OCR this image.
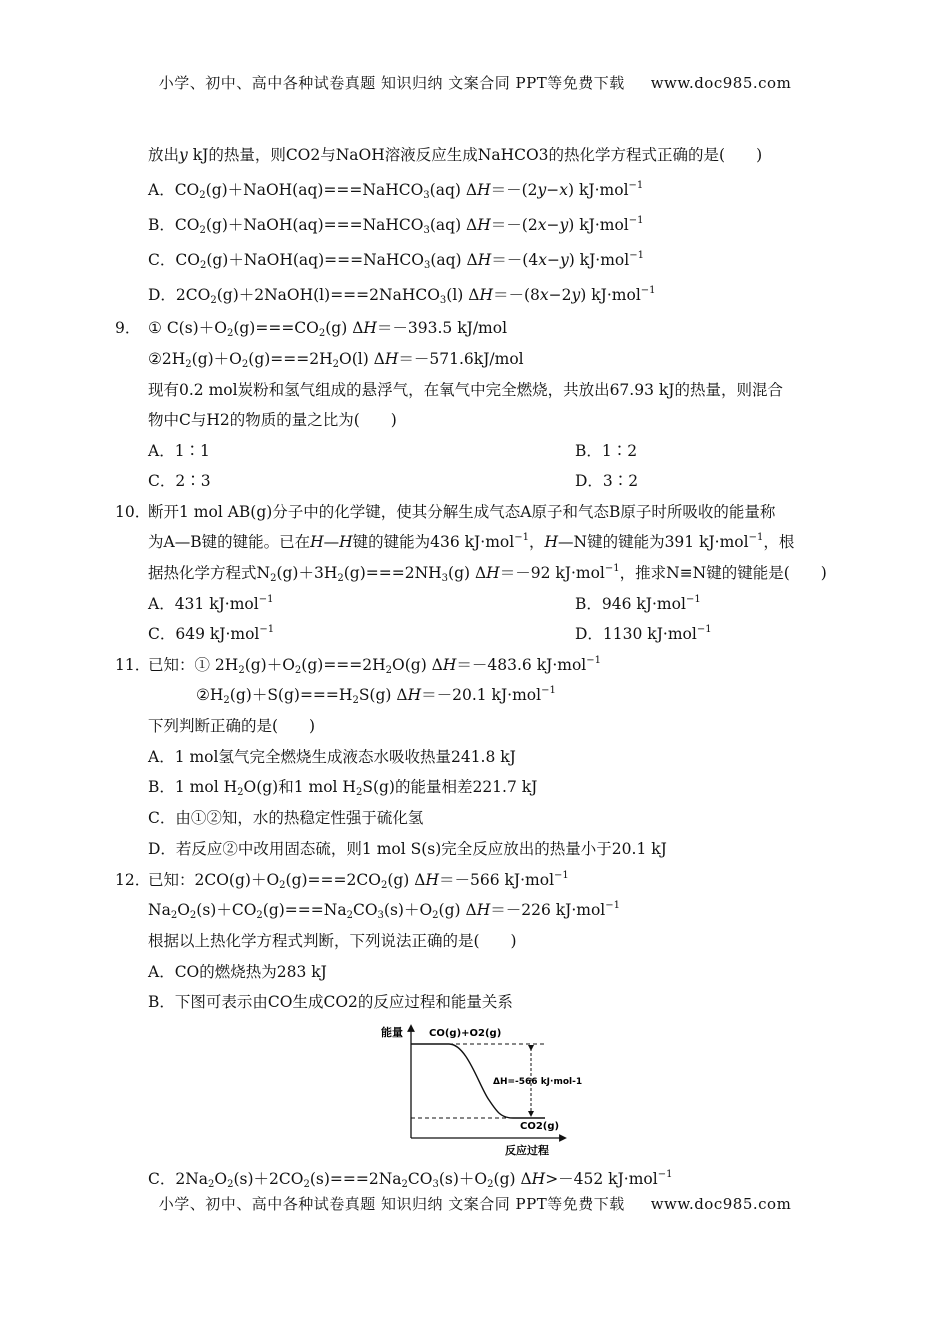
小学、初中、高中各种试卷真题 知识归纳 文案合同 PPT等免费下载 www.doc985.com
放出y kJ的热量，则CO2与NaOH溶液反应生成NaHCO3的热化学方程式正确的是(　　)
A．$CO_2(g)+NaOH(aq)===NaHCO_3(aq)$ ΔH＝－(2y−x) kJ·mol$^{-1}$
B．$CO_2(g)+NaOH(aq)===NaHCO_3(aq)$ ΔH＝－(2x−y) kJ·mol$^{-1}$
C．$CO_2(g)+NaOH(aq)===NaHCO_3(aq)$ ΔH＝－(4x−y) kJ·mol$^{-1}$
D．$2CO_2(g)+2NaOH(l)===2NaHCO_3(l)$ ΔH＝－(8x−2y) kJ·mol$^{-1}$
9． ① $C(s)+O_2(g)===CO_2(g)$ ΔH＝－393.5 kJ/mol
$②2H_2(g)+O_2(g)===2H_2O(l)$ ΔH＝－571.6kJ/mol
现有0.2 mol炭粉和氢气组成的悬浮气，在氧气中完全燃烧，共放出67.93 kJ的热量，则混合
物中C与H2的物质的量之比为(　　)
A．1∶1	B．1∶2
C．2∶3	D．3∶2
10．
断开1 mol AB(g)分子中的化学键，使其分解生成气态A原子和气态B原子时所吸收的能量称
为A—B键的键能。已在H—H键的键能为436 kJ·mol$^{-1}$，H—N键的键能为391 kJ·mol$^{-1}$，根
据热化学方程式$N_2(g)+3H_2(g)===2NH_3(g)$ ΔH＝－92 kJ·mol$^{-1}$，推求N≡N键的键能是(　　)
A．431 kJ·mol$^{-1}$	B．946 kJ·mol$^{-1}$
C．649 kJ·mol$^{-1}$	D．1130 kJ·mol$^{-1}$
11．
已知：① $2H_2(g)+O_2(g)===2H_2O(g)$ ΔH＝－483.6 kJ·mol$^{-1}$
$②H_2(g)+S(g)===H_2S(g)$ ΔH＝－20.1 kJ·mol$^{-1}$
下列判断正确的是(　　)
A．1 mol氢气完全燃烧生成液态水吸收热量241.8 kJ
B．1 mol $H_2O(g)$和1 mol $H_2S(g)$的能量相差221.7 kJ
C．由①②知，水的热稳定性强于硫化氢
D．若反应②中改用固态硫，则1 mol S(s)完全反应放出的热量小于20.1 kJ
12．
已知：$2CO(g)+O_2(g)===2CO_2(g)$ ΔH＝－566 kJ·mol$^{-1}$
$Na_2O_2(s)+CO_2(g)===Na_2CO_3(s)+O_2(g)$ ΔH＝－226 kJ·mol$^{-1}$
根据以上热化学方程式判断，下列说法正确的是(　　)
A．CO的燃烧热为283 kJ
B．下图可表示由CO生成CO2的反应过程和能量关系
能量
反应过程
CO(g)+O2(g)
CO2(g)
ΔH=-566 kJ·mol-1
C．$2Na_2O_2(s)+2CO_2(s)===2Na_2CO_3(s)+O_2(g)$ ΔH>－452 kJ·mol$^{-1}$
小学、初中、高中各种试卷真题 知识归纳 文案合同 PPT等免费下载 www.doc985.com
